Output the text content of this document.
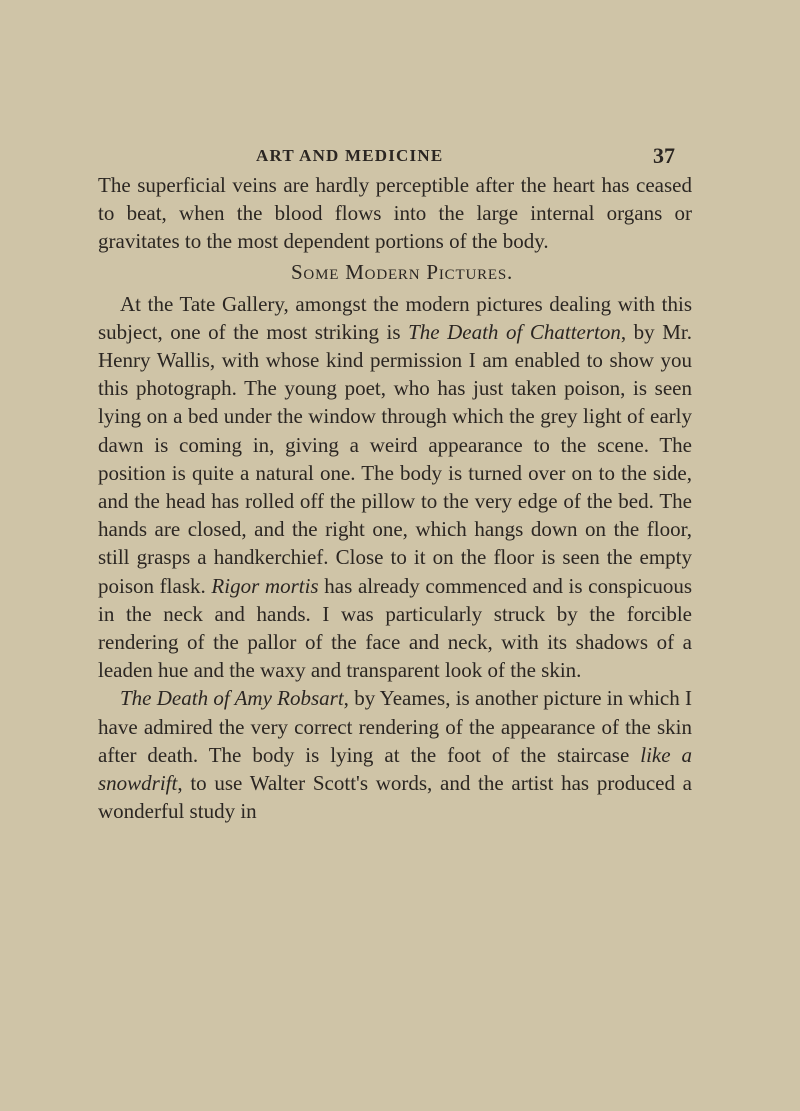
ART AND MEDICINE	37

The superficial veins are hardly perceptible after the heart has ceased to beat, when the blood flows into the large internal organs or gravitates to the most dependent portions of the body.

Some Modern Pictures.

At the Tate Gallery, amongst the modern pictures dealing with this subject, one of the most striking is The Death of Chatterton, by Mr. Henry Wallis, with whose kind permission I am enabled to show you this photograph. The young poet, who has just taken poison, is seen lying on a bed under the window through which the grey light of early dawn is coming in, giving a weird appearance to the scene. The position is quite a natural one. The body is turned over on to the side, and the head has rolled off the pillow to the very edge of the bed. The hands are closed, and the right one, which hangs down on the floor, still grasps a handkerchief. Close to it on the floor is seen the empty poison flask. Rigor mortis has already commenced and is conspicuous in the neck and hands. I was particularly struck by the forcible rendering of the pallor of the face and neck, with its shadows of a leaden hue and the waxy and transparent look of the skin.

The Death of Amy Robsart, by Yeames, is another picture in which I have admired the very correct rendering of the appearance of the skin after death. The body is lying at the foot of the staircase like a snowdrift, to use Walter Scott's words, and the artist has produced a wonderful study in
